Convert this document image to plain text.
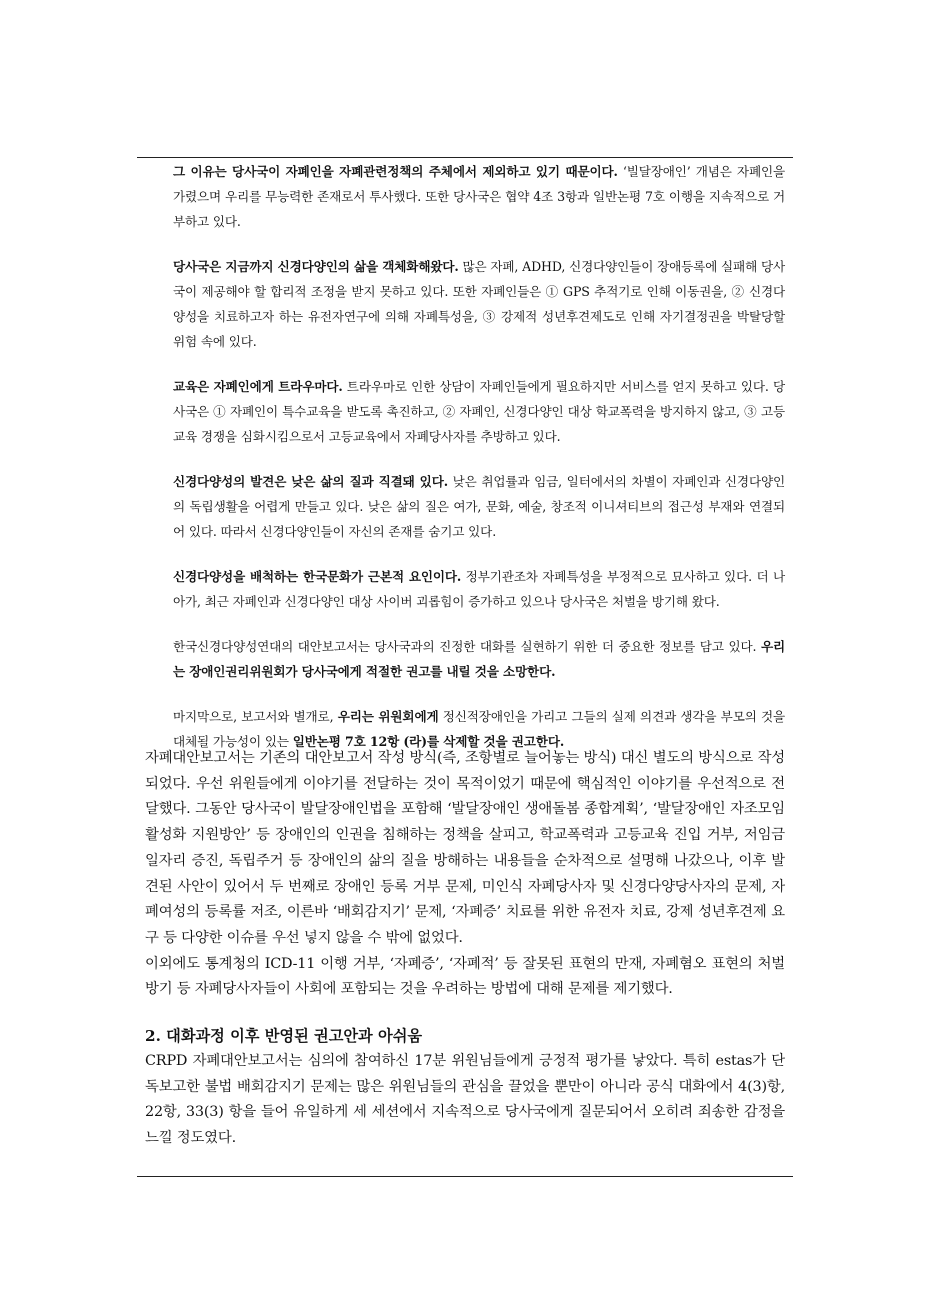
그 이유는 당사국이 자폐인을 자폐관련정책의 주체에서 제외하고 있기 때문이다. ‘빌달장애인’ 개념은 자폐인을 가렸으며 우리를 무능력한 존재로서 투사했다. 또한 당사국은 협약 4조 3항과 일반논평 7호 이행을 지속적으로 거부하고 있다.

당사국은 지금까지 신경다양인의 삶을 객체화해왔다. 많은 자폐, ADHD, 신경다양인들이 장애등록에 실패해 당사국이 제공해야 할 합리적 조정을 받지 못하고 있다. 또한 자폐인들은 ① GPS 추적기로 인해 이동권을, ② 신경다양성을 치료하고자 하는 유전자연구에 의해 자폐특성을, ③ 강제적 성년후견제도로 인해 자기결정권을 박탈당할 위험 속에 있다.

교육은 자폐인에게 트라우마다. 트라우마로 인한 상담이 자폐인들에게 필요하지만 서비스를 얻지 못하고 있다. 당사국은 ① 자폐인이 특수교육을 받도록 촉진하고, ② 자폐인, 신경다양인 대상 학교폭력을 방지하지 않고, ③ 고등교육 경쟁을 심화시킴으로서 고등교육에서 자폐당사자를 추방하고 있다.

신경다양성의 발견은 낮은 삶의 질과 직결돼 있다. 낮은 취업률과 임금, 일터에서의 차별이 자폐인과 신경다양인의 독립생활을 어렵게 만들고 있다. 낮은 삶의 질은 여가, 문화, 예술, 창조적 이니셔티브의 접근성 부재와 연결되어 있다. 따라서 신경다양인들이 자신의 존재를 숨기고 있다.

신경다양성을 배척하는 한국문화가 근본적 요인이다. 정부기관조차 자폐특성을 부정적으로 묘사하고 있다. 더 나아가, 최근 자폐인과 신경다양인 대상 사이버 괴롭힘이 증가하고 있으나 당사국은 처벌을 방기해 왔다.

한국신경다양성연대의 대안보고서는 당사국과의 진정한 대화를 실현하기 위한 더 중요한 정보를 담고 있다. 우리는 장애인권리위원회가 당사국에게 적절한 권고를 내릴 것을 소망한다.

마지막으로, 보고서와 별개로, 우리는 위원회에게 정신적장애인을 가리고 그들의 실제 의견과 생각을 부모의 것을 대체될 가능성이 있는 일반논평 7호 12항 (라)를 삭제할 것을 권고한다.

자폐대안보고서는 기존의 대안보고서 작성 방식(즉, 조항별로 늘어놓는 방식) 대신 별도의 방식으로 작성되었다. 우선 위원들에게 이야기를 전달하는 것이 목적이었기 때문에 핵심적인 이야기를 우선적으로 전달했다. 그동안 당사국이 발달장애인법을 포함해 ‘발달장애인 생애돌봄 종합계획’, ‘발달장애인 자조모임 활성화 지원방안’ 등 장애인의 인권을 침해하는 정책을 살피고, 학교폭력과 고등교육 진입 거부, 저임금 일자리 증진, 독립주거 등 장애인의 삶의 질을 방해하는 내용들을 순차적으로 설명해 나갔으나, 이후 발견된 사안이 있어서 두 번째로 장애인 등록 거부 문제, 미인식 자폐당사자 및 신경다양당사자의 문제, 자폐여성의 등록률 저조, 이른바 ‘배회감지기’ 문제, ‘자폐증’ 치료를 위한 유전자 치료, 강제 성년후견제 요구 등 다양한 이슈를 우선 넣지 않을 수 밖에 없었다.

이외에도 통계청의 ICD-11 이행 거부, ‘자폐증’, ‘자폐적’ 등 잘못된 표현의 만재, 자폐혐오 표현의 처벌 방기 등 자폐당사자들이 사회에 포함되는 것을 우려하는 방법에 대해 문제를 제기했다.

2. 대화과정 이후 반영된 권고안과 아쉬움

CRPD 자폐대안보고서는 심의에 참여하신 17분 위원님들에게 긍정적 평가를 낳았다. 특히 estas가 단독보고한 불법 배회감지기 문제는 많은 위원님들의 관심을 끌었을 뿐만이 아니라 공식 대화에서 4(3)항, 22항, 33(3) 항을 들어 유일하게 세 세션에서 지속적으로 당사국에게 질문되어서 오히려 죄송한 감정을 느낄 정도였다.
